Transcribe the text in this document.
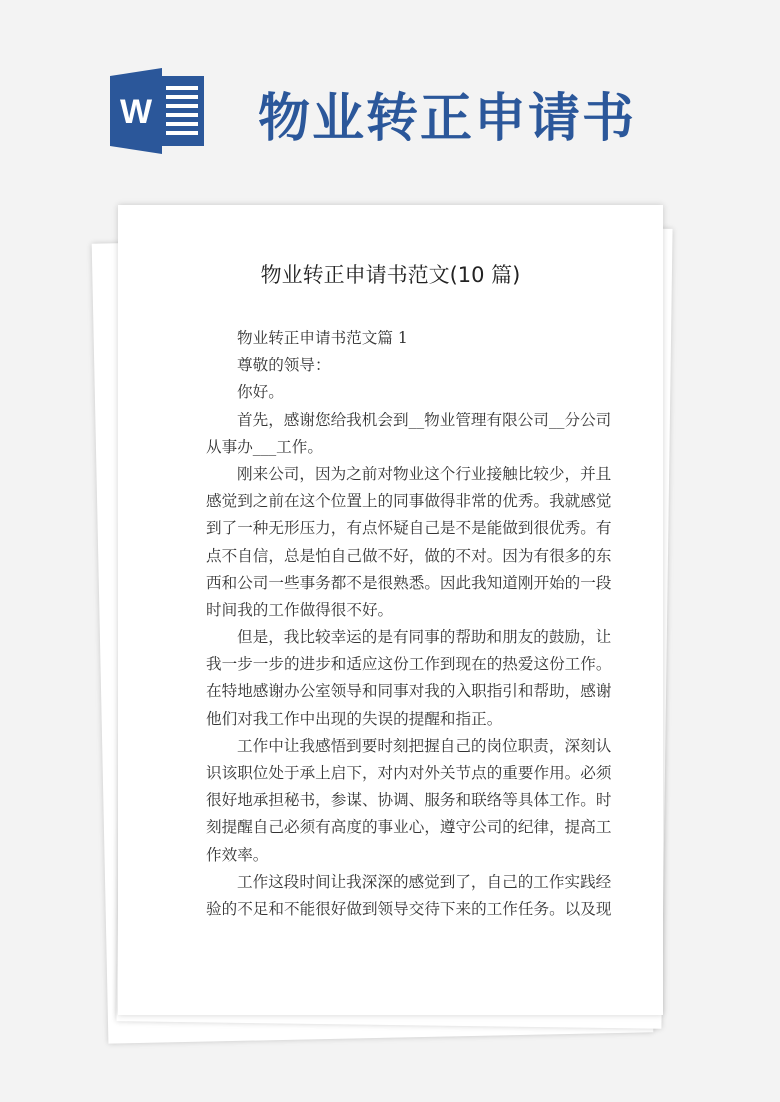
W 物业转正申请书
物业转正申请书范文(10 篇)
物业转正申请书范文篇 1
尊敬的领导：
你好。
首先，感谢您给我机会到__物业管理有限公司__分公司
从事办___工作。
刚来公司，因为之前对物业这个行业接触比较少，并且
感觉到之前在这个位置上的同事做得非常的优秀。我就感觉
到了一种无形压力，有点怀疑自己是不是能做到很优秀。有
点不自信，总是怕自己做不好，做的不对。因为有很多的东
西和公司一些事务都不是很熟悉。因此我知道刚开始的一段
时间我的工作做得很不好。
但是，我比较幸运的是有同事的帮助和朋友的鼓励，让
我一步一步的进步和适应这份工作到现在的热爱这份工作。
在特地感谢办公室领导和同事对我的入职指引和帮助，感谢
他们对我工作中出现的失误的提醒和指正。
工作中让我感悟到要时刻把握自己的岗位职责，深刻认
识该职位处于承上启下，对内对外关节点的重要作用。必须
很好地承担秘书，参谋、协调、服务和联络等具体工作。时
刻提醒自己必须有高度的事业心，遵守公司的纪律，提高工
作效率。
工作这段时间让我深深的感觉到了，自己的工作实践经
验的不足和不能很好做到领导交待下来的工作任务。以及现
